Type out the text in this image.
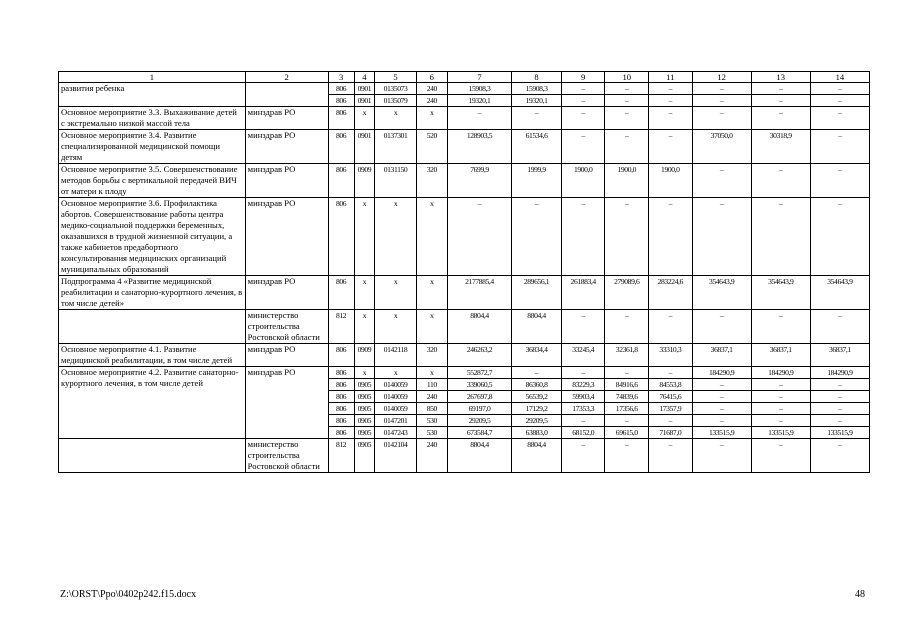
1	2	3	4	5	6	7	8	9	10	11	12	13	14
развития ребенка		806	0901	0135073	240	15908,3	15908,3	–	–	–	–	–	–
		806	0901	0135079	240	19320,1	19320,1	–	–	–	–	–	–
Основное мероприятие 3.3. Выхаживание детей с экстремально низкой массой тела	минздрав РО	806	х	х	х	–	–	–	–	–	–	–	–
Основное мероприятие 3.4. Развитие специализированной медицинской помощи детям	минздрав РО	806	0901	0137301	520	128903,5	61534,6	–	–	–	37050,0	30318,9	–
Основное мероприятие 3.5. Совершенствование методов борьбы с вертикальной передачей ВИЧ от матери к плоду	минздрав РО	806	0909	0131150	320	7699,9	1999,9	1900,0	1900,0	1900,0	–	–	–
Основное мероприятие 3.6. Профилактика абортов. Совершенствование работы центра медико-социальной поддержки беременных, оказавшихся в трудной жизненной ситуации, а также кабинетов предабортного консультирования медицинских организаций муниципальных образований	минздрав РО	806	х	х	х	–	–	–	–	–	–	–	–
Подпрограмма 4 «Развитие медицинской реабилитации и санаторно-курортного лечения, в том числе детей»	минздрав РО	806	х	х	х	2177885,4	289656,1	261883,4	279089,6	283224,6	354643,9	354643,9	354643,9
	министерство строительства Ростовской области	812	х	х	х	8804,4	8804,4	–	–	–	–	–	–
Основное мероприятие 4.1. Развитие медицинской реабилитации, в том числе детей	минздрав РО	806	0909	0142118	320	246263,2	36834,4	33245,4	32361,8	33310,3	36837,1	36837,1	36837,1
Основное мероприятие 4.2. Развитие санаторно-курортного лечения, в том числе детей	минздрав РО	806	х	х	х	552872,7	–	–	–	–	184290,9	184290,9	184290,9
		806	0905	0140059	110	339060,5	86360,8	83229,3	84916,6	84553,8	–	–	–
		806	0905	0140059	240	267697,8	56539,2	59903,4	74839,6	76415,6	–	–	–
		806	0905	0140059	850	69197,0	17129,2	17353,3	17356,6	17357,9	–	–	–
		806	0905	0147201	530	29209,5	29209,5	–	–	–	–	–	–
		806	0905	0147243	530	673584,7	63883,0	68152,0	69615,0	71687,0	133515,9	133515,9	133515,9
	министерство строительства Ростовской области	812	0905	0142104	240	8804,4	8804,4	–	–	–	–	–	–
Z:\ORST\Ppo\0402p242.f15.docx	48
